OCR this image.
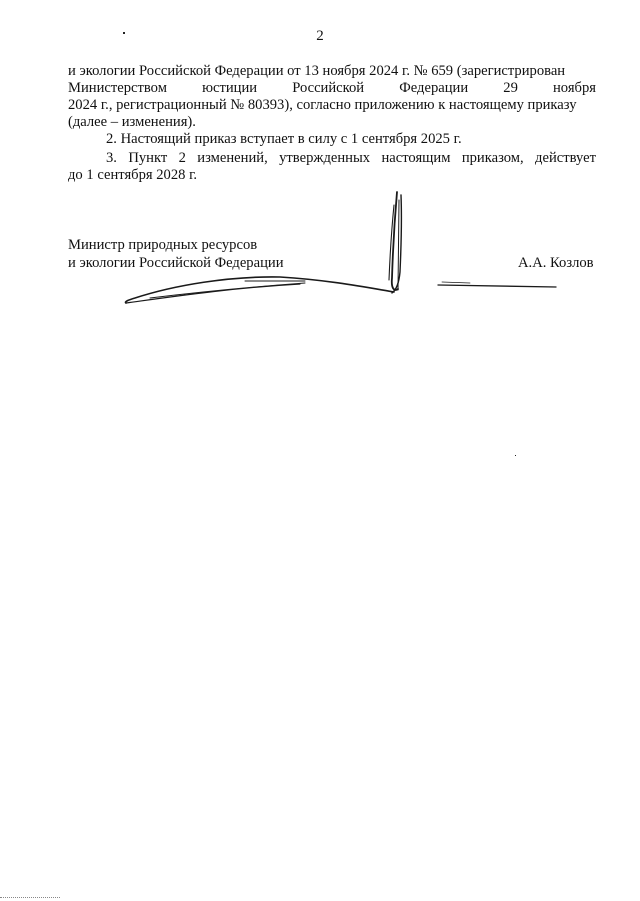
2
и экологии Российской Федерации от 13 ноября 2024 г. № 659 (зарегистрирован
Министерством юстиции Российской Федерации 29 ноября
2024 г., регистрационный № 80393), согласно приложению к настоящему приказу
(далее – изменения).
2. Настоящий приказ вступает в силу с 1 сентября 2025 г.
3. Пункт 2 изменений, утвержденных настоящим приказом, действует
до 1 сентября 2028 г.
Министр природных ресурсов
и экологии Российской Федерации	А.А. Козлов
